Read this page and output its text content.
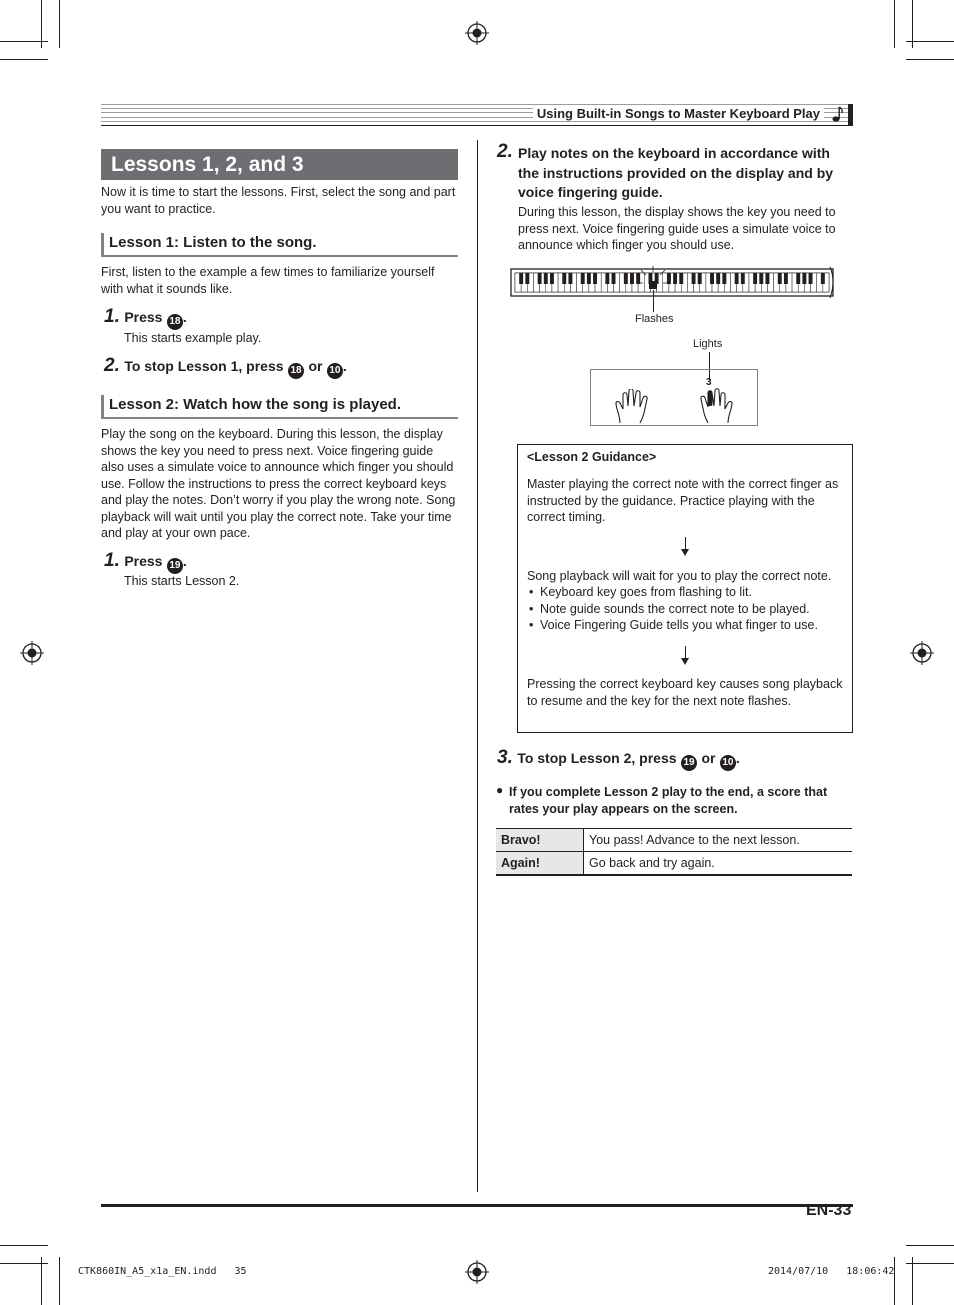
Using Built-in Songs to Master Keyboard Play
Lessons 1, 2, and 3
Now it is time to start the lessons. First, select the song and part you want to practice.
Lesson 1: Listen to the song.
First, listen to the example a few times to familiarize yourself with what it sounds like.
1. Press 18 .
This starts example play.
2. To stop Lesson 1, press 18 or 10 .
Lesson 2: Watch how the song is played.
Play the song on the keyboard. During this lesson, the display shows the key you need to press next. Voice fingering guide also uses a simulate voice to announce which finger you should use. Follow the instructions to press the correct keyboard keys and play the notes. Don’t worry if you play the wrong note. Song playback will wait until you play the correct note. Take your time and play at your own pace.
1. Press 19 .
This starts Lesson 2.
2. Play notes on the keyboard in accordance with the instructions provided on the display and by voice fingering guide.
During this lesson, the display shows the key you need to press next. Voice fingering guide uses a simulate voice to announce which finger you should use.
Flashes
Lights
3
<Lesson 2 Guidance>
Master playing the correct note with the correct finger as instructed by the guidance. Practice playing with the correct timing.
Song playback will wait for you to play the correct note.
• Keyboard key goes from flashing to lit.
• Note guide sounds the correct note to be played.
• Voice Fingering Guide tells you what finger to use.
Pressing the correct keyboard key causes song playback to resume and the key for the next note flashes.
3. To stop Lesson 2, press 19 or 10 .
● If you complete Lesson 2 play to the end, a score that rates your play appears on the screen.
Bravo!	You pass! Advance to the next lesson.
Again!	Go back and try again.
EN-33
CTK860IN_A5_x1a_EN.indd   35	2014/07/10   18:06:42
